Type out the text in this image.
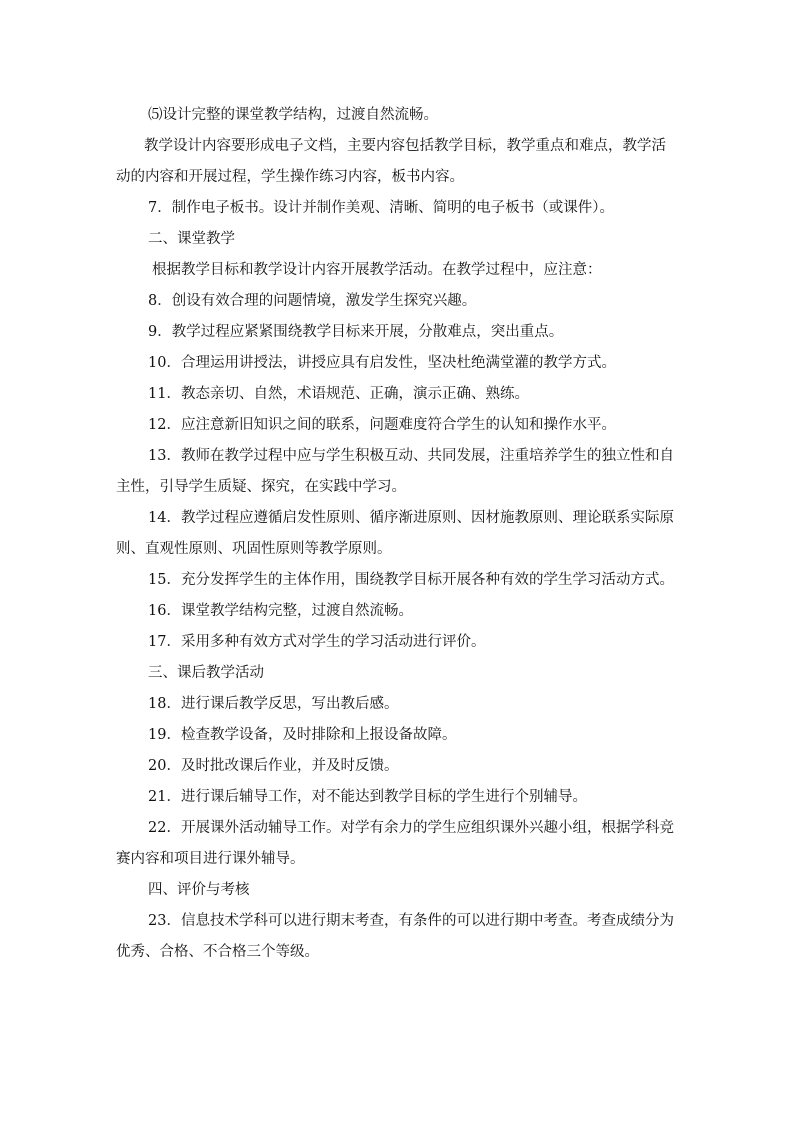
⑸设计完整的课堂教学结构，过渡自然流畅。

教学设计内容要形成电子文档，主要内容包括教学目标，教学重点和难点，教学活动的内容和开展过程，学生操作练习内容，板书内容。

7．制作电子板书。设计并制作美观、清晰、简明的电子板书（或课件）。

二、课堂教学

根据教学目标和教学设计内容开展教学活动。在教学过程中，应注意：

8．创设有效合理的问题情境，激发学生探究兴趣。

9．教学过程应紧紧围绕教学目标来开展，分散难点，突出重点。

10．合理运用讲授法，讲授应具有启发性，坚决杜绝满堂灌的教学方式。

11．教态亲切、自然，术语规范、正确，演示正确、熟练。

12．应注意新旧知识之间的联系，问题难度符合学生的认知和操作水平。

13．教师在教学过程中应与学生积极互动、共同发展，注重培养学生的独立性和自主性，引导学生质疑、探究，在实践中学习。

14．教学过程应遵循启发性原则、循序渐进原则、因材施教原则、理论联系实际原则、直观性原则、巩固性原则等教学原则。

15．充分发挥学生的主体作用，围绕教学目标开展各种有效的学生学习活动方式。

16．课堂教学结构完整，过渡自然流畅。

17．采用多种有效方式对学生的学习活动进行评价。

三、课后教学活动

18．进行课后教学反思，写出教后感。

19．检查教学设备，及时排除和上报设备故障。

20．及时批改课后作业，并及时反馈。

21．进行课后辅导工作，对不能达到教学目标的学生进行个别辅导。

22．开展课外活动辅导工作。对学有余力的学生应组织课外兴趣小组，根据学科竞赛内容和项目进行课外辅导。

四、评价与考核

23．信息技术学科可以进行期末考查，有条件的可以进行期中考查。考查成绩分为优秀、合格、不合格三个等级。
